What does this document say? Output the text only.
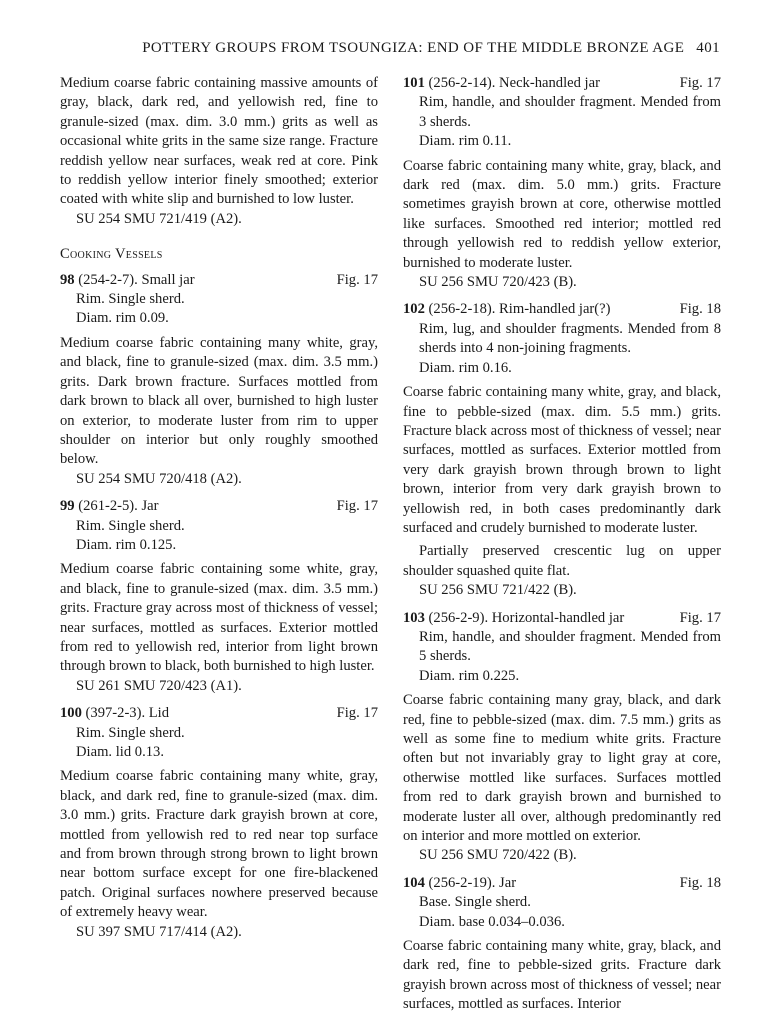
POTTERY GROUPS FROM TSOUNGIZA: END OF THE MIDDLE BRONZE AGE 401

Medium coarse fabric containing massive amounts of gray, black, dark red, and yellowish red, fine to granule-sized (max. dim. 3.0 mm.) grits as well as occasional white grits in the same size range. Fracture reddish yellow near surfaces, weak red at core. Pink to reddish yellow interior finely smoothed; exterior coated with white slip and burnished to low luster.

SU 254 SMU 721/419 (A2).

Cooking Vessels
98 (254-2-7). Small jar	Fig. 17
Rim. Single sherd.
Diam. rim 0.09.

Medium coarse fabric containing many white, gray, and black, fine to granule-sized (max. dim. 3.5 mm.) grits. Dark brown fracture. Surfaces mottled from dark brown to black all over, burnished to high luster on exterior, to moderate luster from rim to upper shoulder on interior but only roughly smoothed below.

SU 254 SMU 720/418 (A2).
99 (261-2-5). Jar	Fig. 17
Rim. Single sherd.
Diam. rim 0.125.

Medium coarse fabric containing some white, gray, and black, fine to granule-sized (max. dim. 3.5 mm.) grits. Fracture gray across most of thickness of vessel; near surfaces, mottled as surfaces. Exterior mottled from red to yellowish red, interior from light brown through brown to black, both burnished to high luster.

SU 261 SMU 720/423 (A1).
100 (397-2-3). Lid	Fig. 17
Rim. Single sherd.
Diam. lid 0.13.

Medium coarse fabric containing many white, gray, black, and dark red, fine to granule-sized (max. dim. 3.0 mm.) grits. Fracture dark grayish brown at core, mottled from yellowish red to red near top surface and from brown through strong brown to light brown near bottom surface except for one fire-blackened patch. Original surfaces nowhere preserved because of extremely heavy wear.

SU 397 SMU 717/414 (A2).
101 (256-2-14). Neck-handled jar	Fig. 17

Rim, handle, and shoulder fragment. Mended from 3 sherds.

Diam. rim 0.11.

Coarse fabric containing many white, gray, black, and dark red (max. dim. 5.0 mm.) grits. Fracture sometimes grayish brown at core, otherwise mottled like surfaces. Smoothed red interior; mottled red through yellowish red to reddish yellow exterior, burnished to moderate luster.

SU 256 SMU 720/423 (B).
102 (256-2-18). Rim-handled jar(?)	Fig. 18

Rim, lug, and shoulder fragments. Mended from 8 sherds into 4 non-joining fragments.

Diam. rim 0.16.

Coarse fabric containing many white, gray, and black, fine to pebble-sized (max. dim. 5.5 mm.) grits. Fracture black across most of thickness of vessel; near surfaces, mottled as surfaces. Exterior mottled from very dark grayish brown through brown to light brown, interior from very dark grayish brown to yellowish red, in both cases predominantly dark surfaced and crudely burnished to moderate luster.

Partially preserved crescentic lug on upper shoulder squashed quite flat.

SU 256 SMU 721/422 (B).
103 (256-2-9). Horizontal-handled jar	Fig. 17

Rim, handle, and shoulder fragment. Mended from 5 sherds.

Diam. rim 0.225.

Coarse fabric containing many gray, black, and dark red, fine to pebble-sized (max. dim. 7.5 mm.) grits as well as some fine to medium white grits. Fracture often but not invariably gray to light gray at core, otherwise mottled like surfaces. Surfaces mottled from red to dark grayish brown and burnished to moderate luster all over, although predominantly red on interior and more mottled on exterior.

SU 256 SMU 720/422 (B).
104 (256-2-19). Jar	Fig. 18
Base. Single sherd.
Diam. base 0.034–0.036.

Coarse fabric containing many white, gray, black, and dark red, fine to pebble-sized grits. Fracture dark grayish brown across most of thickness of vessel; near surfaces, mottled as surfaces. Interior
